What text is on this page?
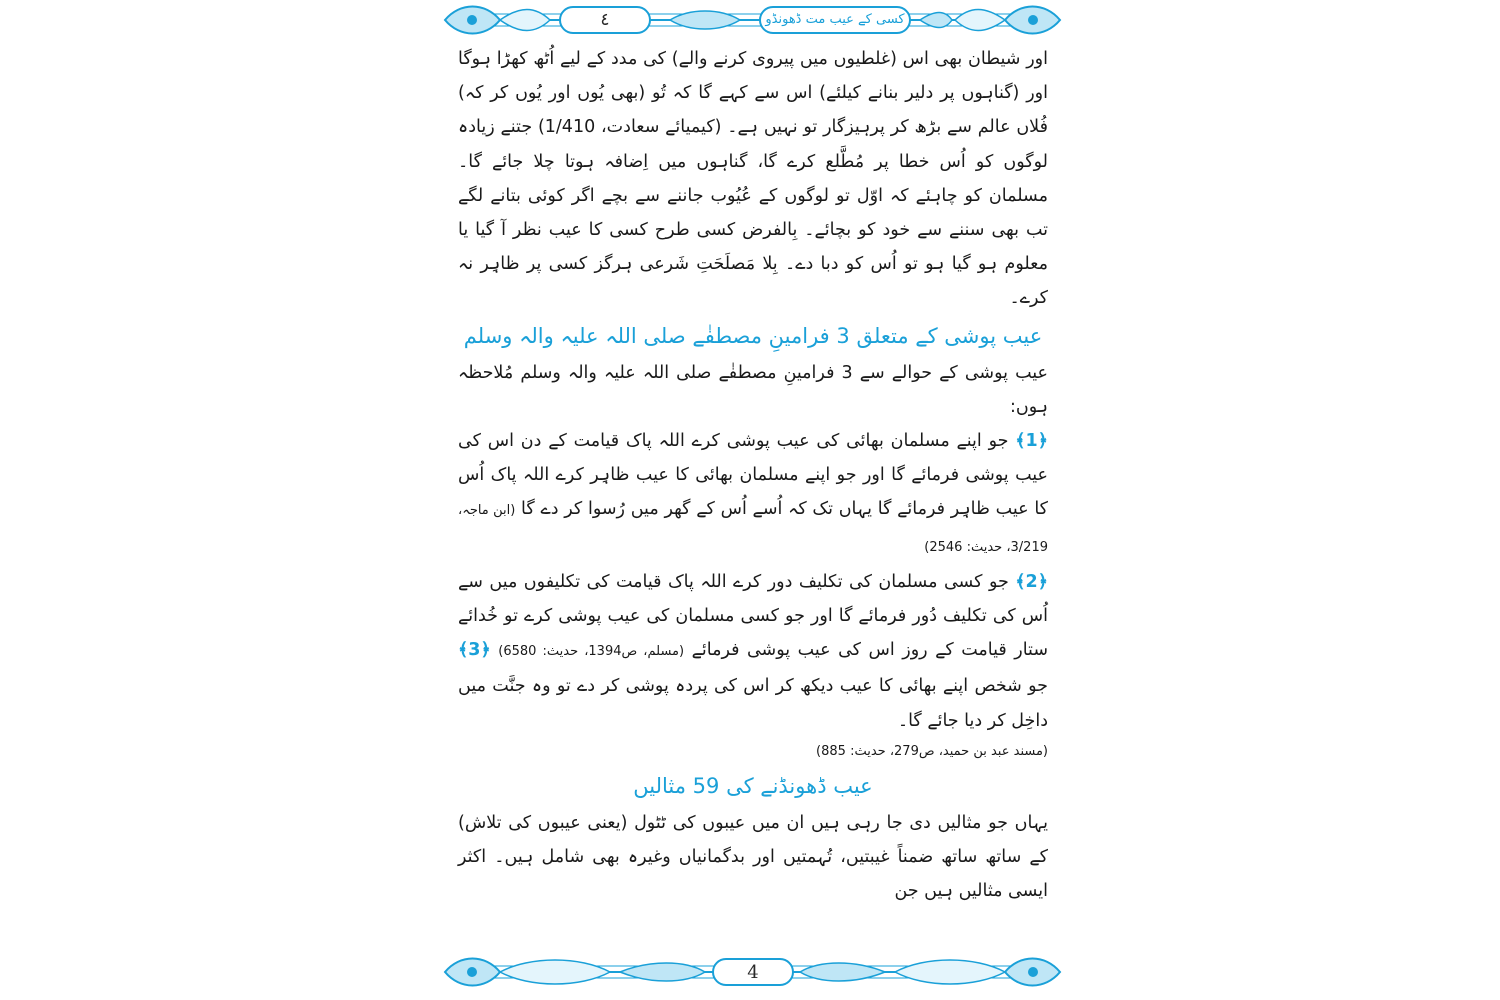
٤	کسی کے عیب مت ڈھونڈو

اور شیطان بھی اس (غلطیوں میں پیروی کرنے والے) کی مدد کے لیے اُٹھ کھڑا ہوگا اور (گناہوں پر دلیر بنانے کیلئے) اس سے کہے گا کہ تُو (بھی یُوں اور یُوں کر کہ) فُلاں عالم سے بڑھ کر پرہیزگار تو نہیں ہے۔ (کیمیائے سعادت، 1/410) جتنے زیادہ لوگوں کو اُس خطا پر مُطَّلع کرے گا، گناہوں میں اِضافہ ہوتا چلا جائے گا۔ مسلمان کو چاہئے کہ اوّل تو لوگوں کے عُیُوب جاننے سے بچے اگر کوئی بتانے لگے تب بھی سننے سے خود کو بچائے۔ بِالفرض کسی طرح کسی کا عیب نظر آ گیا یا معلوم ہو گیا ہو تو اُس کو دبا دے۔ بِلا مَصلَحَتِ شَرعی ہرگز کسی پر ظاہِر نہ کرے۔

عیب پوشی کے متعلق 3 فرامینِ مصطفٰے صلی اللہ علیہ والہ وسلم

عیب پوشی کے حوالے سے 3 فرامینِ مصطفٰے صلی اللہ علیہ والہ وسلم مُلاحظہ ہوں:

﴿1﴾ جو اپنے مسلمان بھائی کی عیب پوشی کرے اللہ پاک قیامت کے دن اس کی عیب پوشی فرمائے گا اور جو اپنے مسلمان بھائی کا عیب ظاہِر کرے اللہ پاک اُس کا عیب ظاہِر فرمائے گا یہاں تک کہ اُسے اُس کے گھر میں رُسوا کر دے گا (ابن ماجہ، 3/219، حدیث: 2546)

﴿2﴾ جو کسی مسلمان کی تکلیف دور کرے اللہ پاک قیامت کی تکلیفوں میں سے اُس کی تکلیف دُور فرمائے گا اور جو کسی مسلمان کی عیب پوشی کرے تو خُدائے ستار قیامت کے روز اس کی عیب پوشی فرمائے (مسلم، ص1394، حدیث: 6580) ﴿3﴾ جو شخص اپنے بھائی کا عیب دیکھ کر اس کی پردہ پوشی کر دے تو وہ جنَّت میں داخِل کر دیا جائے گا۔

(مسند عبد بن حمید، ص279، حدیث: 885)

عیب ڈھونڈنے کی 59 مثالیں

یہاں جو مثالیں دی جا رہی ہیں ان میں عیبوں کی ٹٹول (یعنی عیبوں کی تلاش) کے ساتھ ساتھ ضمناً غیبتیں، تُہمتیں اور بدگمانیاں وغیرہ بھی شامل ہیں۔ اکثر ایسی مثالیں ہیں جن

4
